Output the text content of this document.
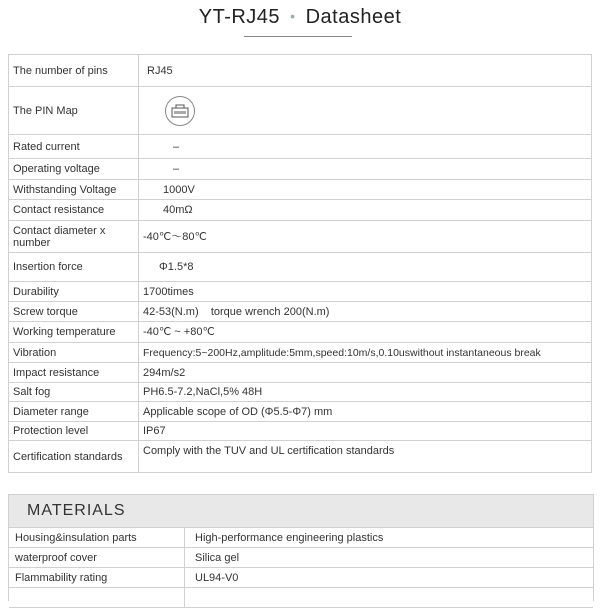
YT-RJ45 • Datasheet
The number of pins	RJ45
The PIN Map	

Rated current	–
Operating voltage	–
Withstanding Voltage	1000V
Contact resistance	40mΩ
Contact diameter x number	-40℃～80℃
Insertion force	Φ1.5*8
Durability	1700times
Screw torque	42-53(N.m)    torque wrench 200(N.m)
Working temperature	-40℃ ~ +80℃
Vibration	Frequency:5~200Hz,amplitude:5mm,speed:10m/s,0.10uswithout instantaneous break
Impact resistance	294m/s2
Salt fog	PH6.5-7.2,NaCl,5% 48H
Diameter range	Applicable scope of OD (Φ5.5-Φ7) mm
Protection level	IP67
Certification standards	Comply with the TUV and UL certification standards
MATERIALS
Housing&insulation parts	High-performance engineering plastics
waterproof cover	Silica gel
Flammability rating	UL94-V0
